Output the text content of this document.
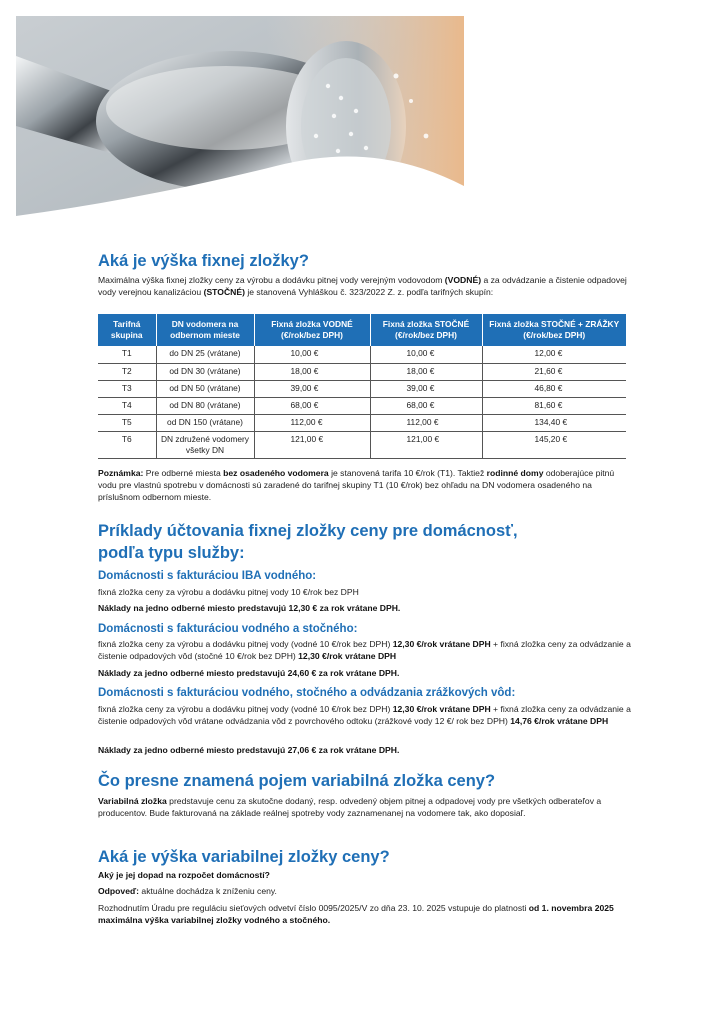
Aká je výška fixnej zložky?
Maximálna výška fixnej zložky ceny za výrobu a dodávku pitnej vody verejným vodovodom (VODNÉ) a za odvádzanie a čistenie odpadovej vody verejnou kanalizáciou (STOČNÉ) je stanovená Vyhláškou č. 323/2022 Z. z. podľa tarifných skupín:
Tarifná skupina	DN vodomera na odbernom mieste	Fixná zložka VODNÉ (€/rok/bez DPH)	Fixná zložka STOČNÉ (€/rok/bez DPH)	Fixná zložka STOČNÉ + ZRÁŽKY (€/rok/bez DPH)
T1	do DN 25 (vrátane)	10,00 €	10,00 €	12,00 €
T2	od DN 30 (vrátane)	18,00 €	18,00 €	21,60 €
T3	od DN 50 (vrátane)	39,00 €	39,00 €	46,80 €
T4	od DN 80 (vrátane)	68,00 €	68,00 €	81,60 €
T5	od DN 150 (vrátane)	112,00 €	112,00 €	134,40 €
T6	DN združené vodomery všetky DN	121,00 €	121,00 €	145,20 €
Poznámka: Pre odberné miesta bez osadeného vodomera je stanovená tarifa 10 €/rok (T1). Taktiež rodinné domy odoberajúce pitnú vodu pre vlastnú spotrebu v domácnosti sú zaradené do tarifnej skupiny T1 (10 €/rok) bez ohľadu na DN vodomera osadeného na príslušnom odbernom mieste.
Príklady účtovania fixnej zložky ceny pre domácnosť,
podľa typu služby:
Domácnosti s fakturáciou IBA vodného:
fixná zložka ceny za výrobu a dodávku pitnej vody 10 €/rok bez DPH
Náklady na jedno odberné miesto predstavujú 12,30 € za rok vrátane DPH.
Domácnosti s fakturáciou vodného a stočného:
fixná zložka ceny za výrobu a dodávku pitnej vody (vodné 10 €/rok bez DPH) 12,30 €/rok vrátane DPH + fixná zložka ceny za odvádzanie a čistenie odpadových vôd (stočné 10 €/rok bez DPH) 12,30 €/rok vrátane DPH
Náklady za jedno odberné miesto predstavujú 24,60 € za rok vrátane DPH.
Domácnosti s fakturáciou vodného, stočného a odvádzania zrážkových vôd:
fixná zložka ceny za výrobu a dodávku pitnej vody (vodné 10 €/rok bez DPH) 12,30 €/rok vrátane DPH + fixná zložka ceny za odvádzanie a čistenie odpadových vôd vrátane odvádzania vôd z povrchového odtoku (zrážkové vody 12 €/ rok bez DPH) 14,76 €/rok vrátane DPH
Náklady za jedno odberné miesto predstavujú 27,06 € za rok vrátane DPH.
Čo presne znamená pojem variabilná zložka ceny?
Variabilná zložka predstavuje cenu za skutočne dodaný, resp. odvedený objem pitnej a odpadovej vody pre všetkých odberateľov a producentov. Bude fakturovaná na základe reálnej spotreby vody zaznamenanej na vodomere tak, ako doposiaľ.
Aká je výška variabilnej zložky ceny?
Aký je jej dopad na rozpočet domácností?
Odpoveď: aktuálne dochádza k zníženiu ceny.
Rozhodnutím Úradu pre reguláciu sieťových odvetví číslo 0095/2025/V zo dňa 23. 10. 2025 vstupuje do platnosti od 1. novembra 2025 maximálna výška variabilnej zložky vodného a stočného.
